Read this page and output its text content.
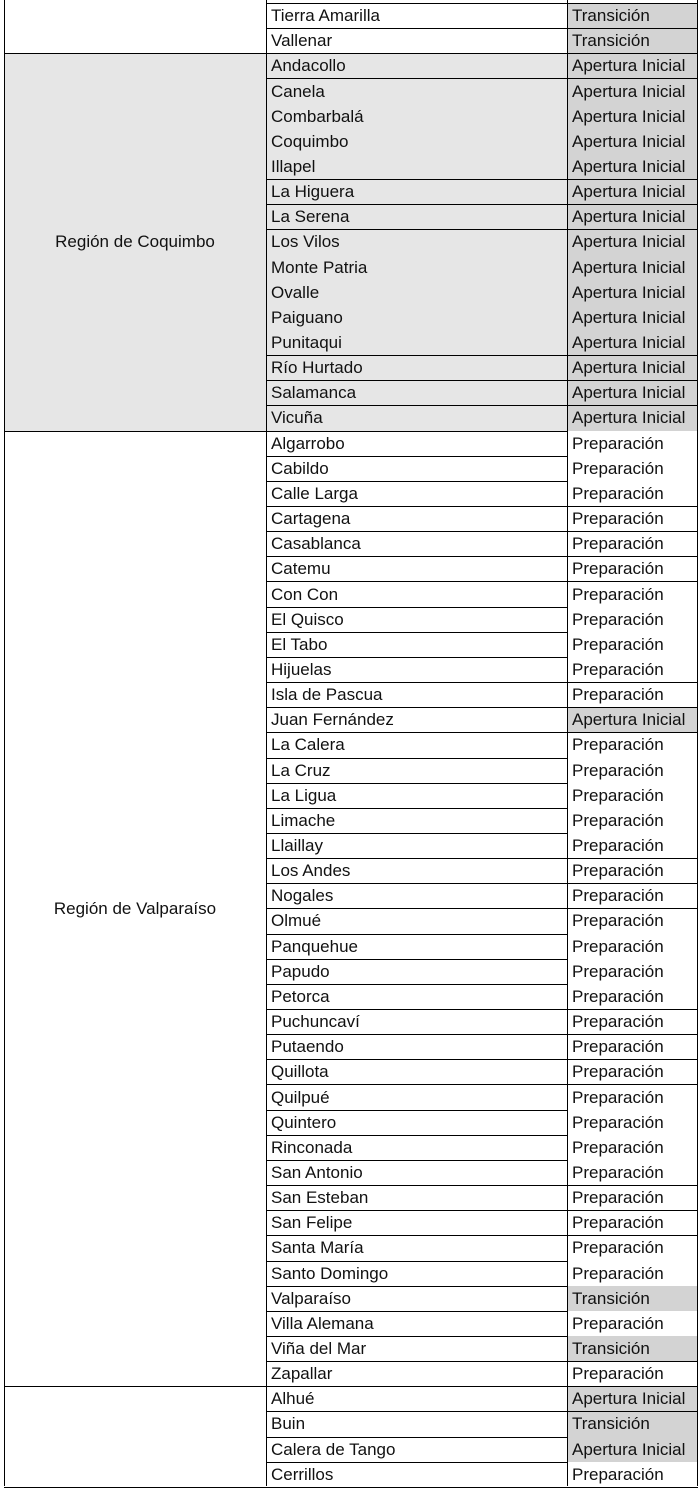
Tierra Amarilla	Transición
Vallenar	Transición
Región de Coquimbo
Andacollo	Apertura Inicial
Canela	Apertura Inicial
Combarbalá	Apertura Inicial
Coquimbo	Apertura Inicial
Illapel	Apertura Inicial
La Higuera	Apertura Inicial
La Serena	Apertura Inicial
Los Vilos	Apertura Inicial
Monte Patria	Apertura Inicial
Ovalle	Apertura Inicial
Paiguano	Apertura Inicial
Punitaqui	Apertura Inicial
Río Hurtado	Apertura Inicial
Salamanca	Apertura Inicial
Vicuña	Apertura Inicial
Región de Valparaíso
Algarrobo	Preparación
Cabildo	Preparación
Calle Larga	Preparación
Cartagena	Preparación
Casablanca	Preparación
Catemu	Preparación
Con Con	Preparación
El Quisco	Preparación
El Tabo	Preparación
Hijuelas	Preparación
Isla de Pascua	Preparación
Juan Fernández	Apertura Inicial
La Calera	Preparación
La Cruz	Preparación
La Ligua	Preparación
Limache	Preparación
Llaillay	Preparación
Los Andes	Preparación
Nogales	Preparación
Olmué	Preparación
Panquehue	Preparación
Papudo	Preparación
Petorca	Preparación
Puchuncaví	Preparación
Putaendo	Preparación
Quillota	Preparación
Quilpué	Preparación
Quintero	Preparación
Rinconada	Preparación
San Antonio	Preparación
San Esteban	Preparación
San Felipe	Preparación
Santa María	Preparación
Santo Domingo	Preparación
Valparaíso	Transición
Villa Alemana	Preparación
Viña del Mar	Transición
Zapallar	Preparación
Alhué	Apertura Inicial
Buin	Transición
Calera de Tango	Apertura Inicial
Cerrillos	Preparación
